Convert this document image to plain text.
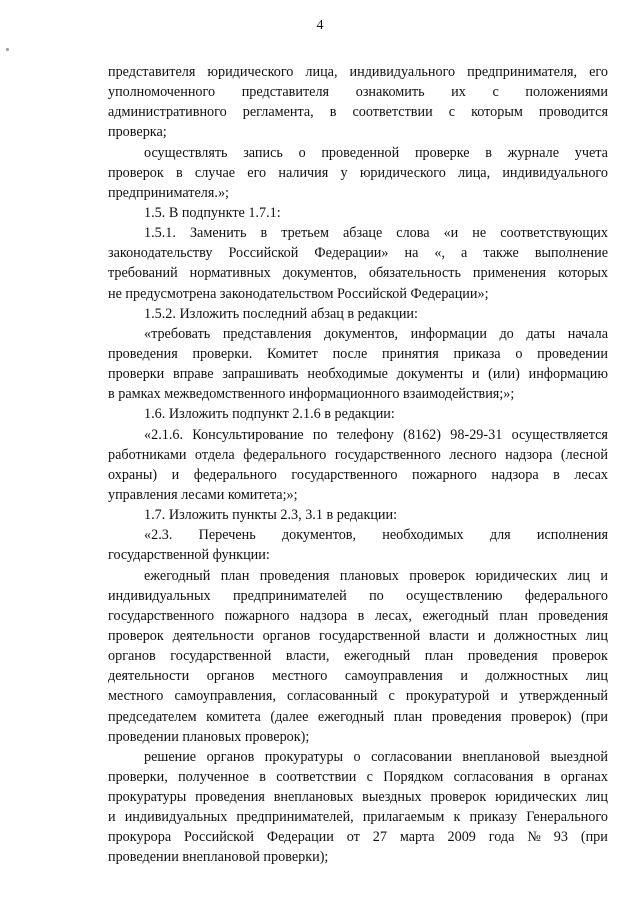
4
представителя юридического лица, индивидуального предпринимателя, его
уполномоченного представителя ознакомить их с положениями
административного регламента, в соответствии с которым проводится
проверка;
осуществлять запись о проведенной проверке в журнале учета
проверок в случае его наличия у юридического лица, индивидуального
предпринимателя.»;
1.5. В подпункте 1.7.1:
1.5.1. Заменить в третьем абзаце слова «и не соответствующих
законодательству Российской Федерации» на «, а также выполнение
требований нормативных документов, обязательность применения которых
не предусмотрена законодательством Российской Федерации»;
1.5.2. Изложить последний абзац в редакции:
«требовать представления документов, информации до даты начала
проведения проверки. Комитет после принятия приказа о проведении
проверки вправе запрашивать необходимые документы и (или) информацию
в рамках межведомственного информационного взаимодействия;»;
1.6. Изложить подпункт 2.1.6 в редакции:
«2.1.6. Консультирование по телефону (8162) 98-29-31 осуществляется
работниками отдела федерального государственного лесного надзора (лесной
охраны) и федерального государственного пожарного надзора в лесах
управления лесами комитета;»;
1.7. Изложить пункты 2.3, 3.1 в редакции:
«2.3. Перечень документов, необходимых для исполнения
государственной функции:
ежегодный план проведения плановых проверок юридических лиц и
индивидуальных предпринимателей по осуществлению федерального
государственного пожарного надзора в лесах, ежегодный план проведения
проверок деятельности органов государственной власти и должностных лиц
органов государственной власти, ежегодный план проведения проверок
деятельности органов местного самоуправления и должностных лиц
местного самоуправления, согласованный с прокуратурой и утвержденный
председателем комитета (далее ежегодный план проведения проверок) (при
проведении плановых проверок);
решение органов прокуратуры о согласовании внеплановой выездной
проверки, полученное в соответствии с Порядком согласования в органах
прокуратуры проведения внеплановых выездных проверок юридических лиц
и индивидуальных предпринимателей, прилагаемым к приказу Генерального
прокурора Российской Федерации от 27 марта 2009 года № 93 (при
проведении внеплановой проверки);
